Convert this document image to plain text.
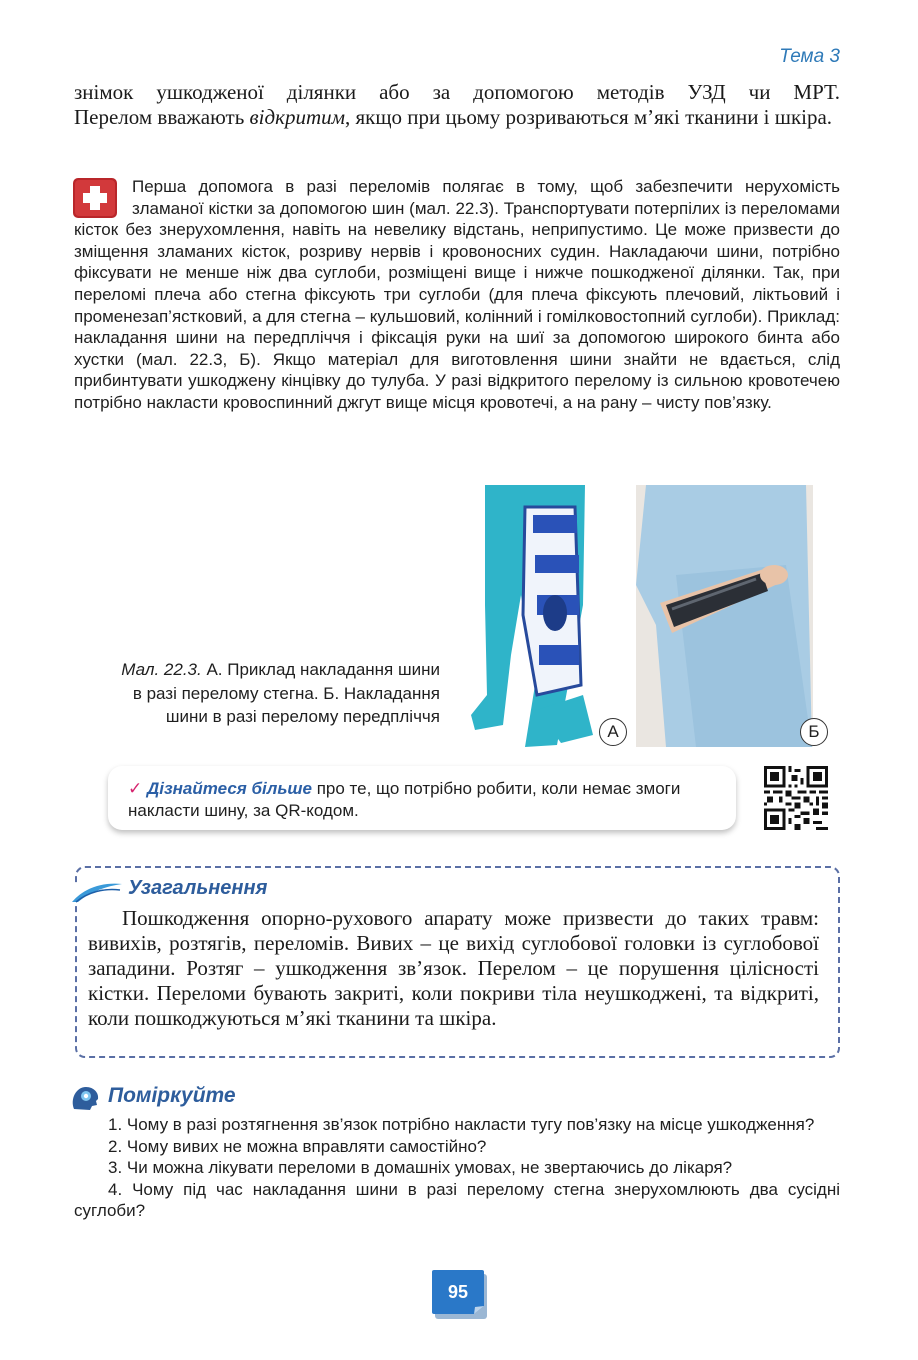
Тема 3

знімок ушкодженої ділянки або за допомогою методів УЗД чи МРТ.

Перелом вважають відкритим, якщо при цьому розриваються м’які тканини і шкіра.

Перша допомога в разі переломів полягає в тому, щоб забезпечити нерухомість зламаної кістки за допомогою шин (мал. 22.3). Транспортувати потерпілих із переломами кісток без знерухомлення, навіть на невелику відстань, неприпустимо. Це може призвести до зміщення зламаних кісток, розриву нервів і кровоносних судин. Накладаючи шини, потрібно фіксувати не менше ніж два суглоби, розміщені вище і нижче пошкодженої ділянки. Так, при переломі плеча або стегна фіксують три суглоби (для плеча фіксують плечовий, ліктьовий і променезап’ястковий, а для стегна – кульшовий, колінний і гомілковостопний суглоби). Приклад: накладання шини на передпліччя і фіксація руки на шиї за допомогою широкого бинта або хустки (мал. 22.3, Б). Якщо матеріал для виготовлення шини знайти не вдається, слід прибинтувати ушкоджену кінцівку до тулуба. У разі відкритого перелому із сильною кровотечею потрібно накласти кровоспинний джгут вище місця кровотечі, а на рану – чисту пов’язку.

А	Б
Мал. 22.3. А. Приклад накладання шини в разі перелому стегна. Б. Накладання шини в разі перелому передпліччя
✓ Дізнайтеся більше про те, що потрібно робити, коли немає змоги накласти шину, за QR-кодом.
Узагальнення

Пошкодження опорно-рухового апарату може призвести до таких травм: вивихів, розтягів, переломів. Вивих – це вихід суглобової головки із суглобової западини. Розтяг – ушкодження зв’язок. Перелом – це порушення цілісності кістки. Переломи бувають закриті, коли покриви тіла неушкоджені, та відкриті, коли пошкоджуються м’які тканини та шкіра.

Поміркуйте

1. Чому в разі розтягнення зв’язок потрібно накласти тугу пов’язку на місце ушкодження?

2. Чому вивих не можна вправляти самостійно?

3. Чи можна лікувати переломи в домашніх умовах, не звертаючись до лікаря?

4. Чому під час накладання шини в разі перелому стегна знерухомлюють два сусідні суглоби?

95
